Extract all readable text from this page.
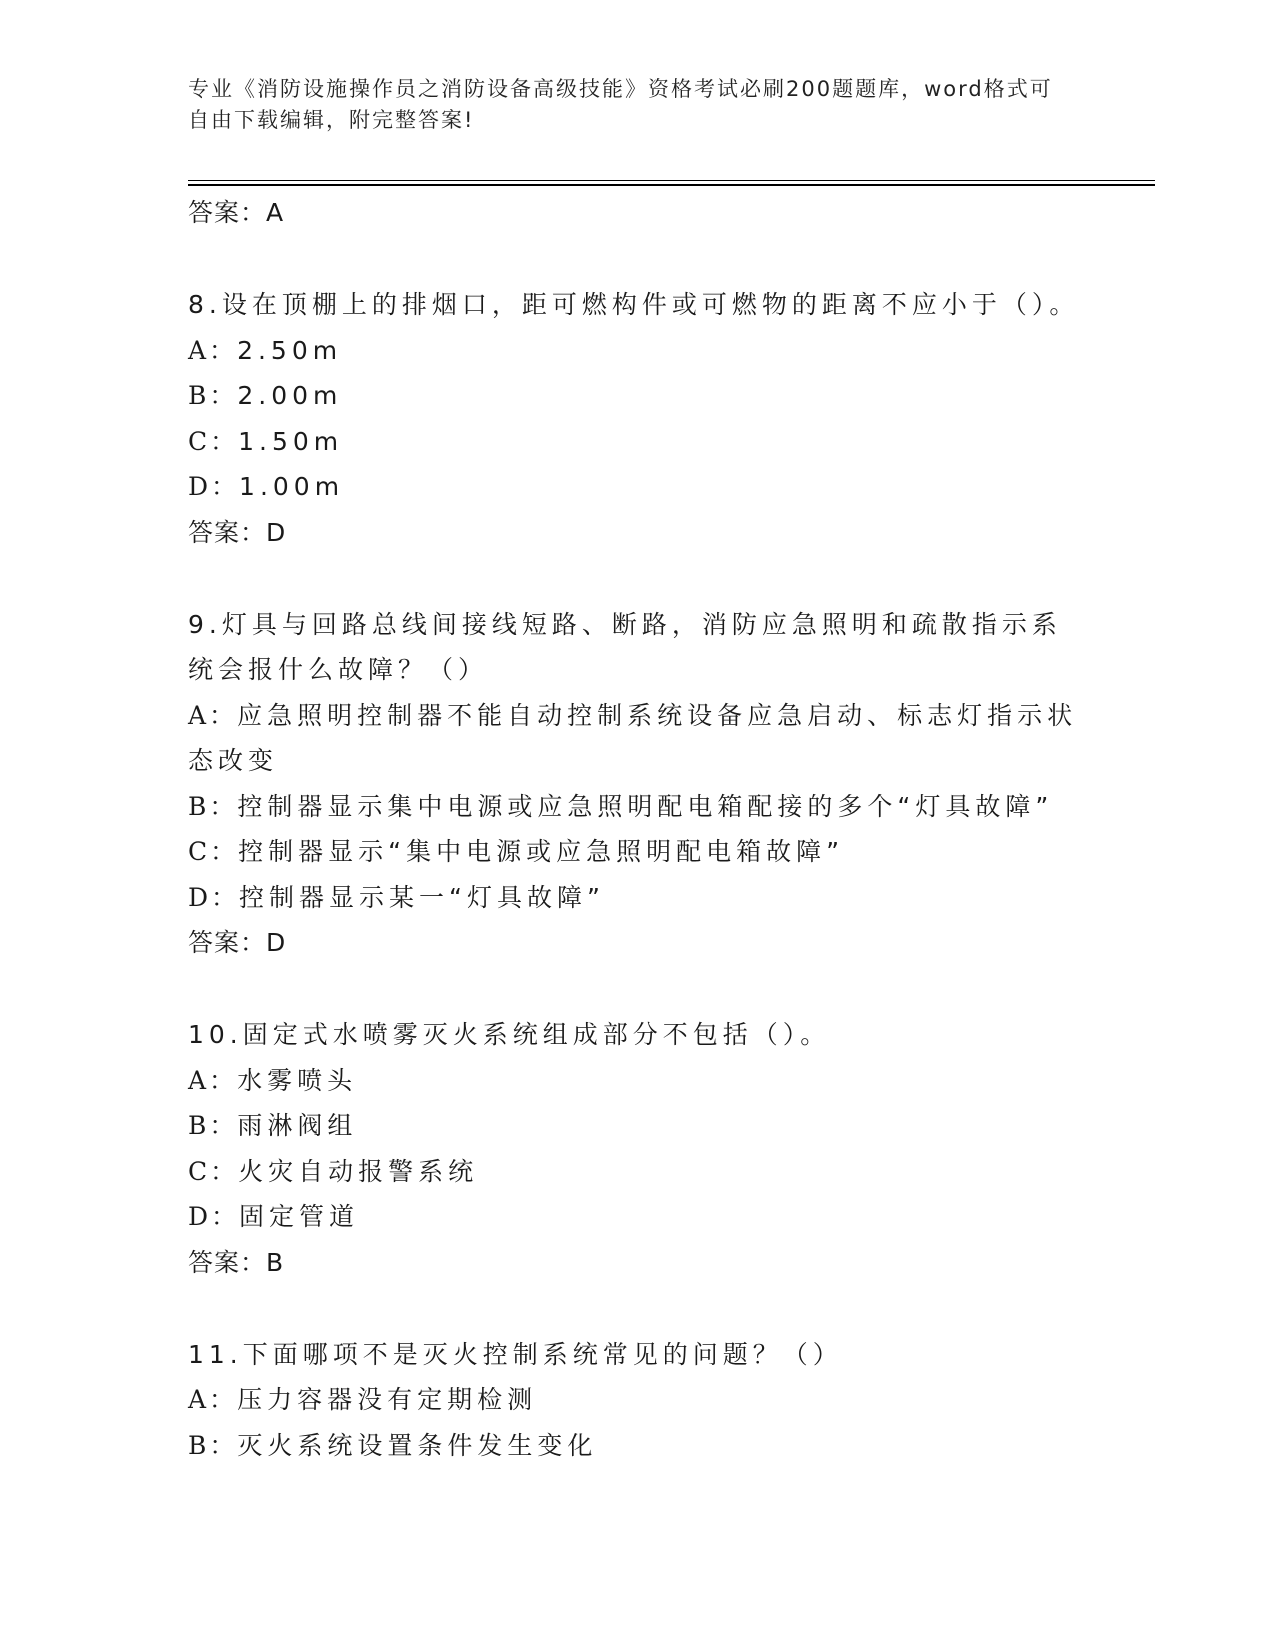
专业《消防设施操作员之消防设备高级技能》资格考试必刷200题题库，word格式可自由下载编辑，附完整答案!
答案：A
8.设在顶棚上的排烟口，距可燃构件或可燃物的距离不应小于（）。
A：2.50m
B：2.00m
C：1.50m
D：1.00m
答案：D
9.灯具与回路总线间接线短路、断路，消防应急照明和疏散指示系统会报什么故障？（）
A：应急照明控制器不能自动控制系统设备应急启动、标志灯指示状态改变
B：控制器显示集中电源或应急照明配电箱配接的多个“灯具故障”
C：控制器显示“集中电源或应急照明配电箱故障”
D：控制器显示某一“灯具故障”
答案：D
10.固定式水喷雾灭火系统组成部分不包括（）。
A：水雾喷头
B：雨淋阀组
C：火灾自动报警系统
D：固定管道
答案：B
11.下面哪项不是灭火控制系统常见的问题？（）
A：压力容器没有定期检测
B：灭火系统设置条件发生变化
